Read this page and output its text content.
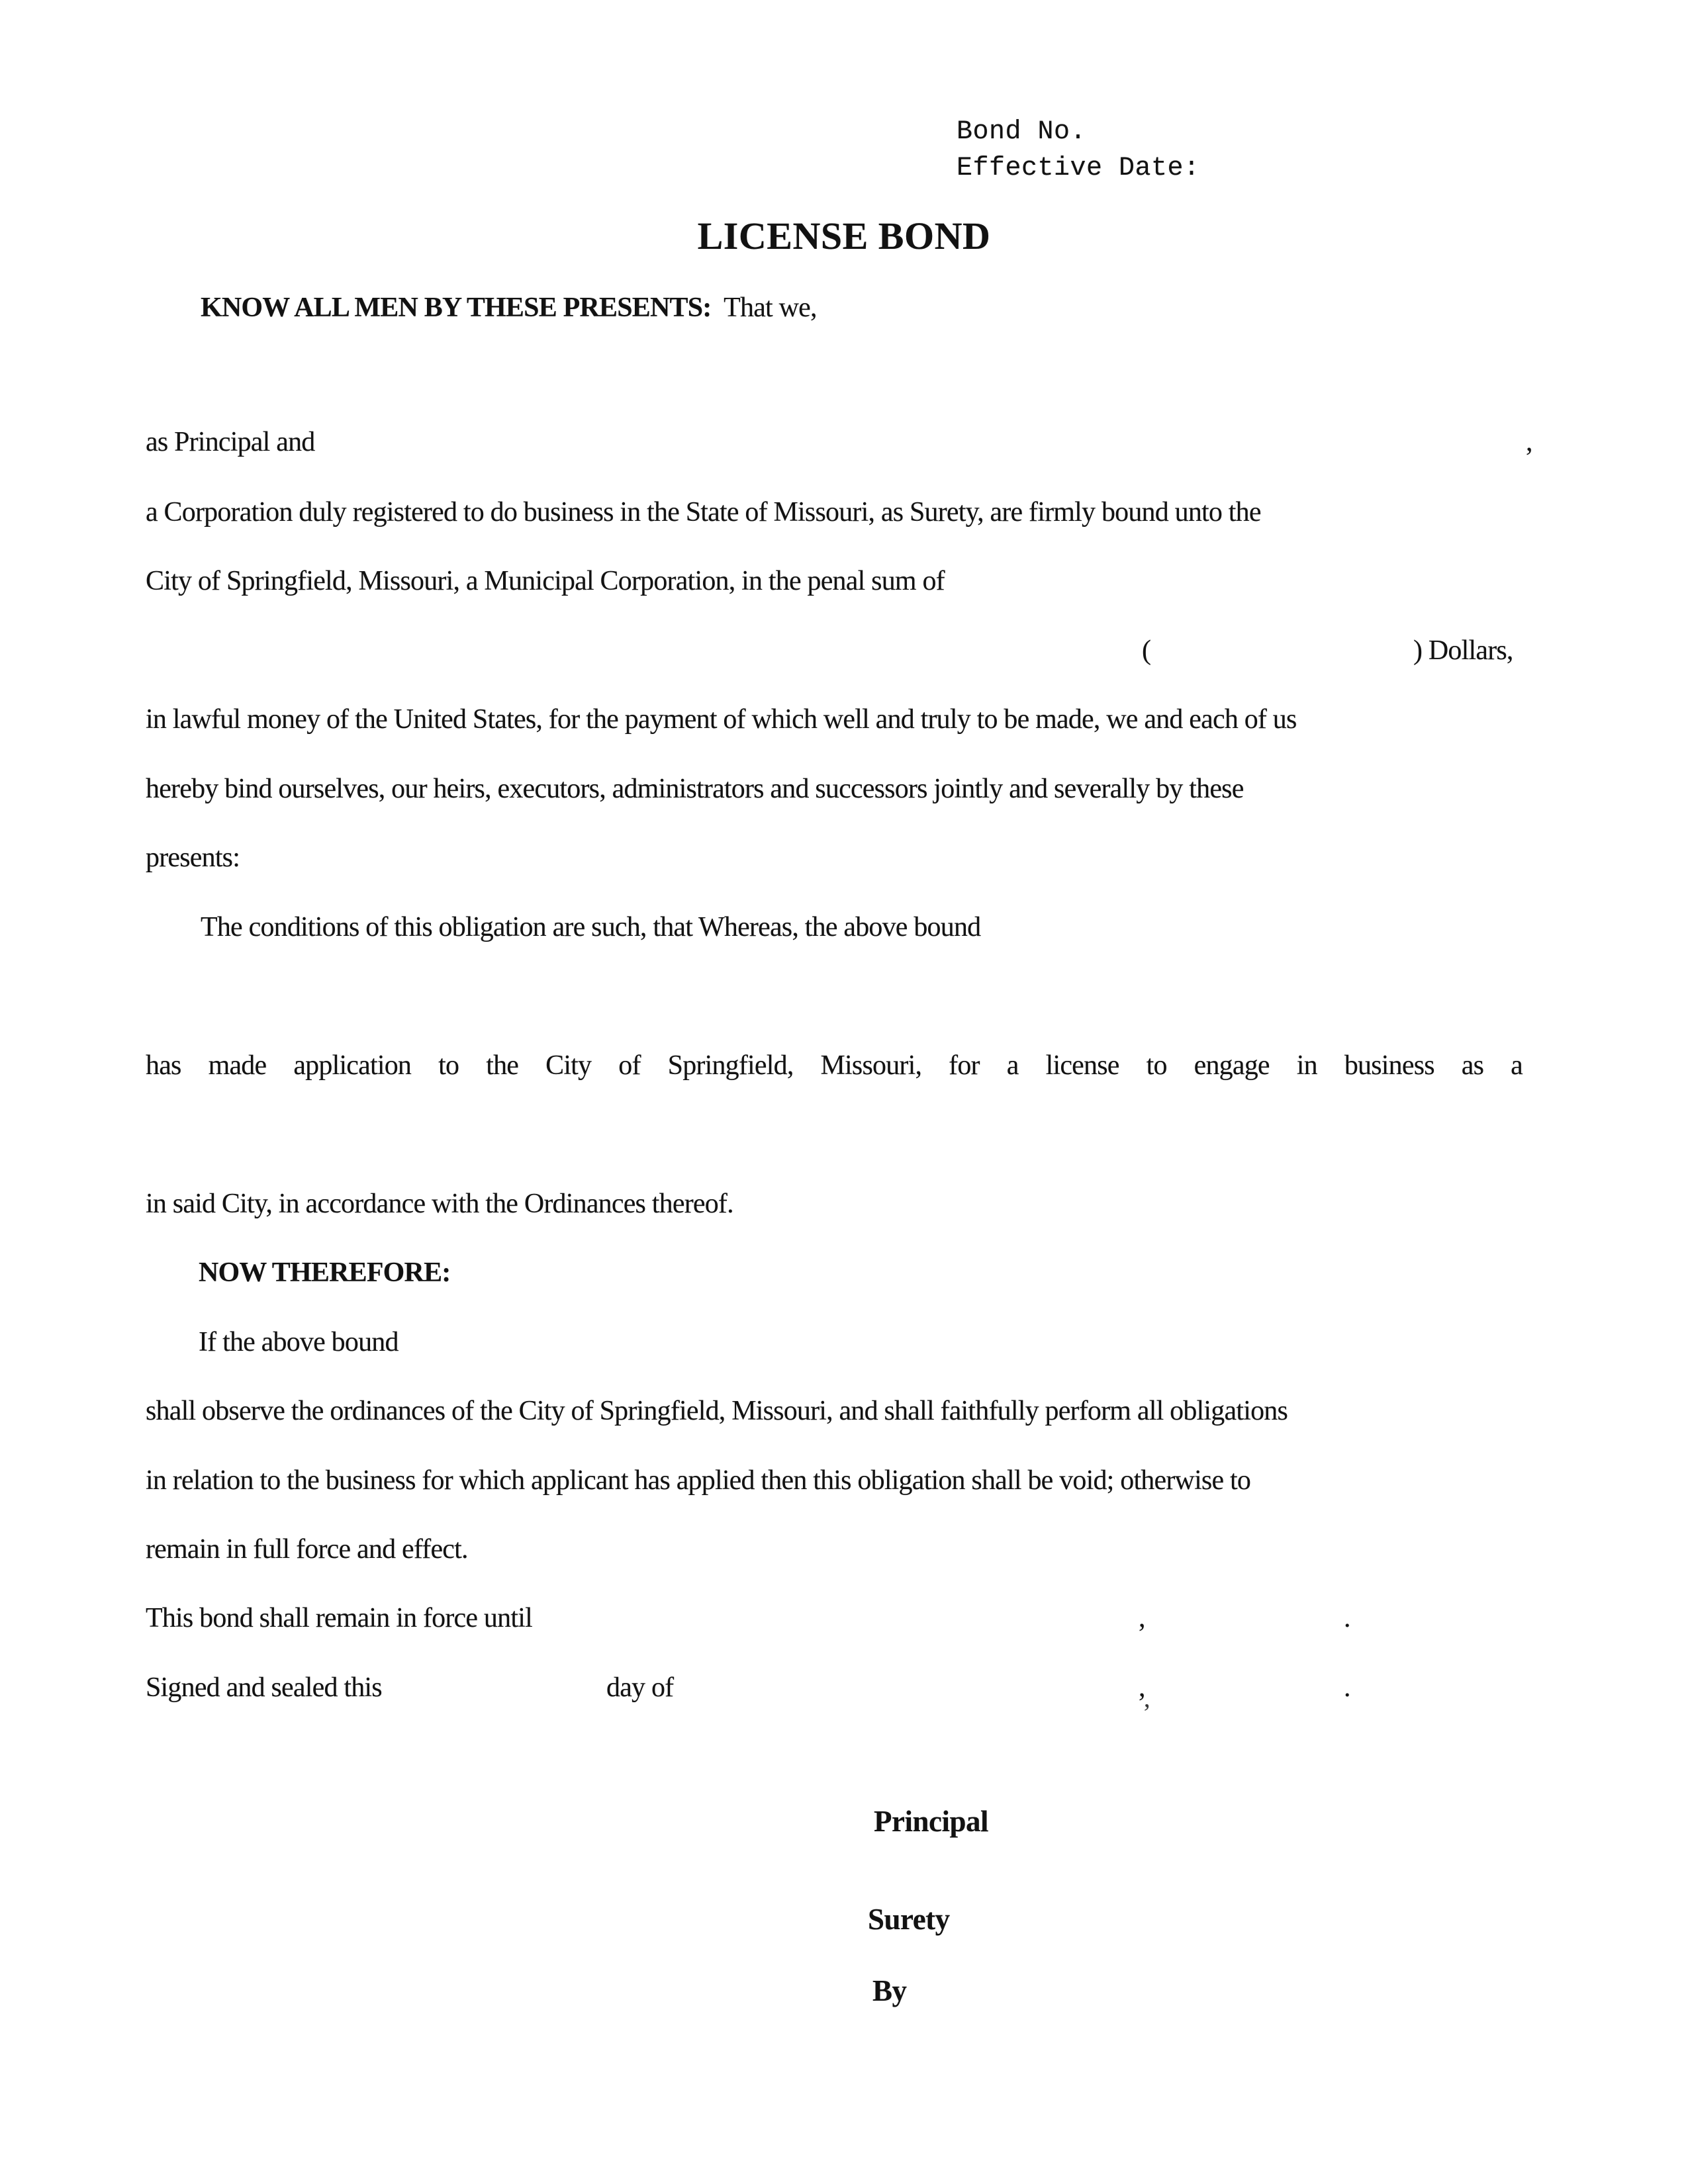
Bond No.
Effective Date:
LICENSE BOND
KNOW ALL MEN BY THESE PRESENTS: That we,

as Principal and

	,

a Corporation duly registered to do business in the State of Missouri, as Surety, are firmly bound unto the
City of Springfield, Missouri, a Municipal Corporation, in the penal sum of

(

	) Dollars,

in lawful money of the United States, for the payment of which well and truly to be made, we and each of us
hereby bind ourselves, our heirs, executors, administrators and successors jointly and severally by these
presents:
The conditions of this obligation are such, that Whereas, the above bound
has made application to the City of Springfield, Missouri, for a license to engage in business as a
in said City, in accordance with the Ordinances thereof.
NOW THEREFORE:
If the above bound
shall observe the ordinances of the City of Springfield, Missouri, and shall faithfully perform all obligations
in relation to the business for which applicant has applied then this obligation shall be void; otherwise to
remain in full force and effect.

This bond shall remain in force until

	,

	.

Signed and sealed this

	day of

	,

	.

,
Principal
Surety
By
